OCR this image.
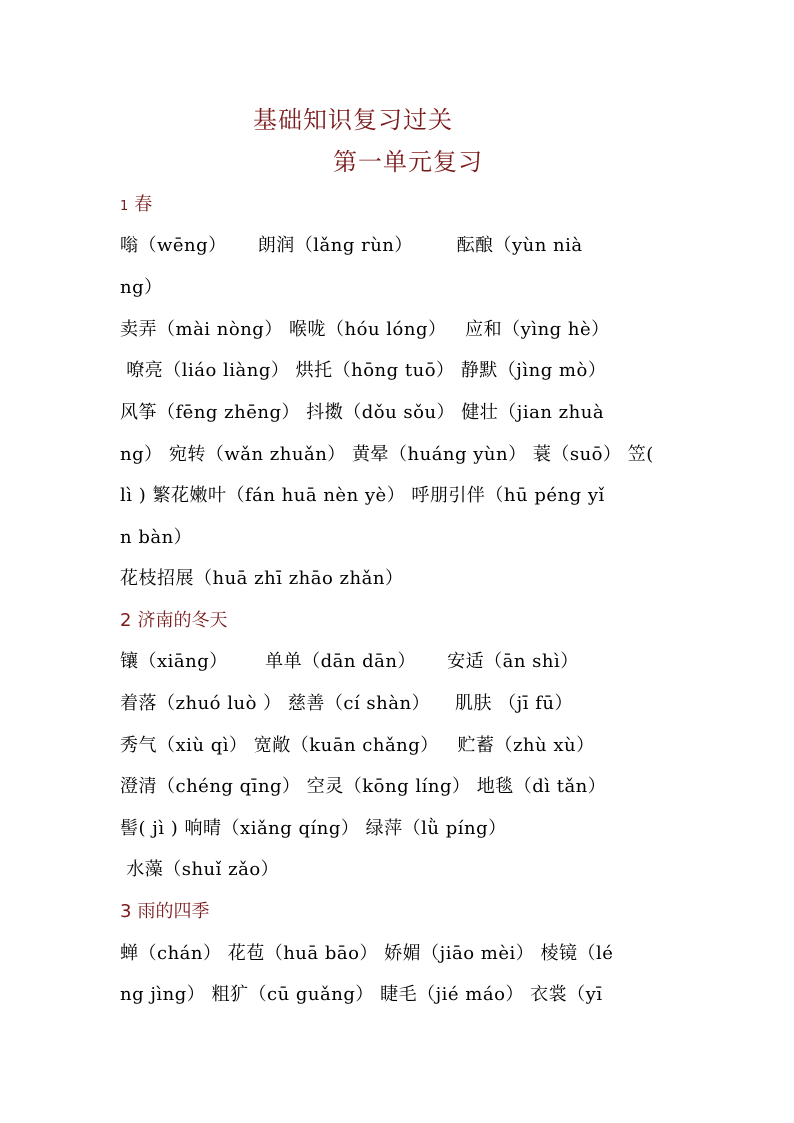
基础知识复习过关
第一单元复习
1 春
嗡（wēng）     朗润（lǎng rùn）       酝酿（yùn nià
ng）
卖弄（mài nòng） 喉咙（hóu lóng）   应和（yìng hè）
嘹亮（liáo liàng） 烘托（hōng tuō） 静默（jìng mò）
风筝（fēng zhēng） 抖擞（dǒu sǒu） 健壮（jian zhuà
ng） 宛转（wǎn zhuǎn） 黄晕（huáng yùn） 蓑（suō） 笠(
lì ) 繁花嫩叶（fán huā nèn yè） 呼朋引伴（hū péng yǐ
n bàn）
花枝招展（huā zhī zhāo zhǎn）
2 济南的冬天
镶（xiāng）      单单（dān dān）     安适（ān shì）
着落（zhuó luò ） 慈善（cí shàn）    肌肤 （jī fū）
秀气（xiù qì） 宽敞（kuān chǎng）   贮蓄（zhù xù）
澄清（chéng qīng） 空灵（kōng líng） 地毯（dì tǎn）
髻( jì ) 响晴（xiǎng qíng） 绿萍（lǜ píng）
水藻（shuǐ zǎo）
3 雨的四季
蝉（chán） 花苞（huā bāo） 娇媚（jiāo mèi） 棱镜（lé
ng jìng） 粗犷（cū guǎng） 睫毛（jié máo） 衣裳（yī
